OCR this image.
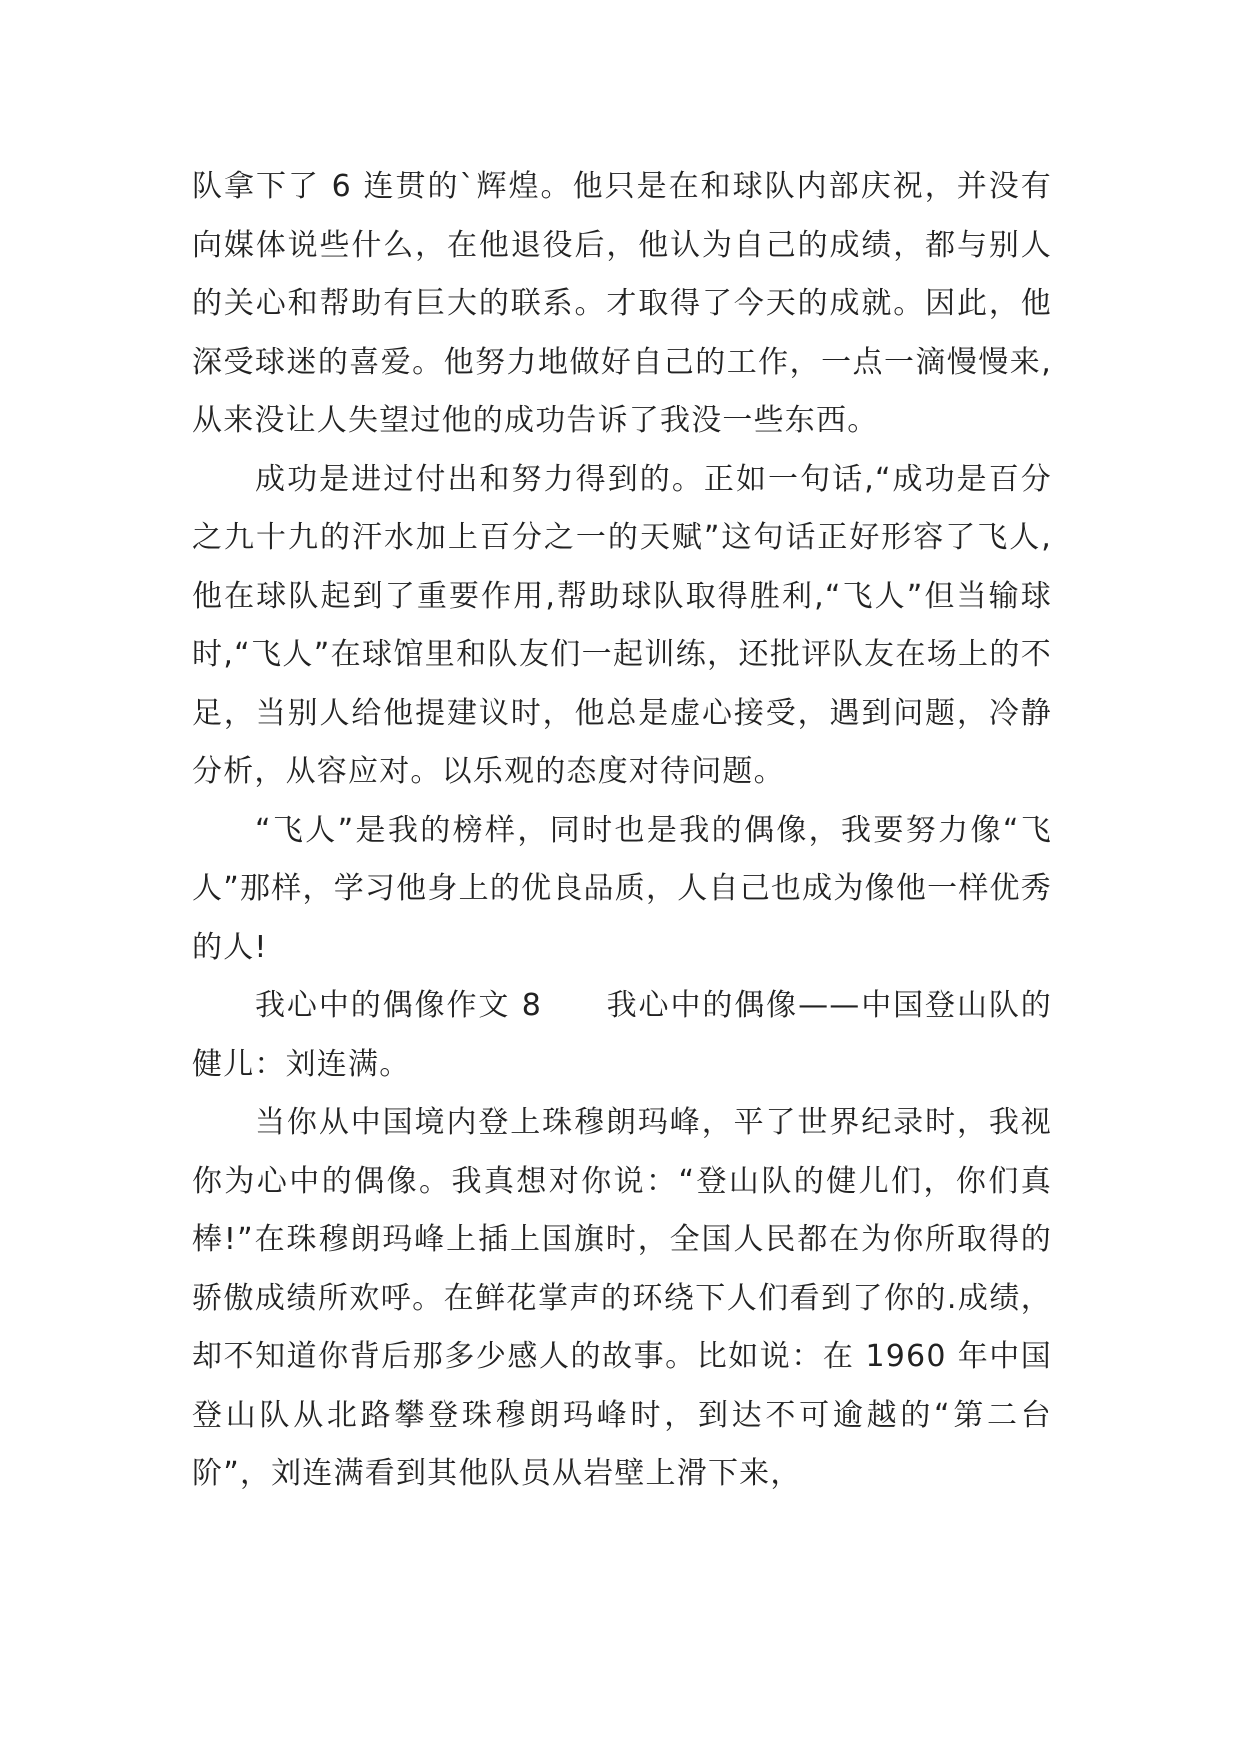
队拿下了 6 连贯的`辉煌。他只是在和球队内部庆祝，并没有向媒体说些什么，在他退役后，他认为自己的成绩，都与别人的关心和帮助有巨大的联系。才取得了今天的成就。因此，他深受球迷的喜爱。他努力地做好自己的工作，一点一滴慢慢来,从来没让人失望过他的成功告诉了我没一些东西。

成功是进过付出和努力得到的。正如一句话,“成功是百分之九十九的汗水加上百分之一的天赋”这句话正好形容了飞人,他在球队起到了重要作用,帮助球队取得胜利,“飞人”但当输球时,“飞人”在球馆里和队友们一起训练，还批评队友在场上的不足，当别人给他提建议时，他总是虚心接受，遇到问题，冷静分析，从容应对。以乐观的态度对待问题。

“飞人”是我的榜样，同时也是我的偶像，我要努力像“飞人”那样，学习他身上的优良品质，人自己也成为像他一样优秀的人!

我心中的偶像作文 8　　我心中的偶像——中国登山队的健儿：刘连满。

当你从中国境内登上珠穆朗玛峰，平了世界纪录时，我视你为心中的偶像。我真想对你说：“登山队的健儿们，你们真棒!”在珠穆朗玛峰上插上国旗时，全国人民都在为你所取得的骄傲成绩所欢呼。在鲜花掌声的环绕下人们看到了你的.成绩，却不知道你背后那多少感人的故事。比如说：在 1960 年中国登山队从北路攀登珠穆朗玛峰时，到达不可逾越的“第二台阶”，刘连满看到其他队员从岩壁上滑下来，
